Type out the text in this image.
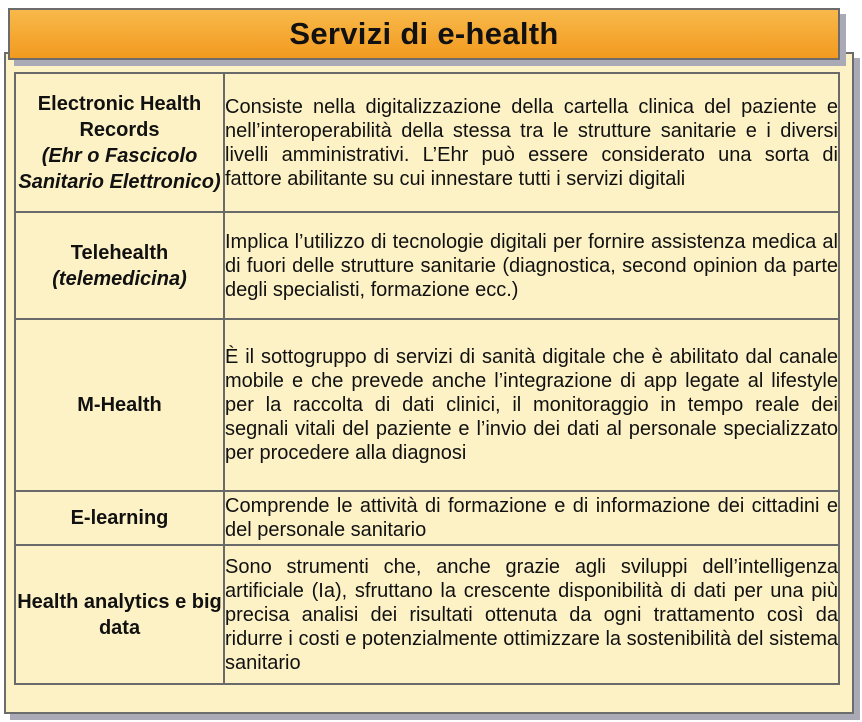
Servizi di e-health
Electronic Health Records
(Ehr o Fascicolo Sanitario Elettronico)	Consiste nella digitalizzazione della cartella clinica del paziente e nell’interoperabilità della stessa tra le strutture sanitarie e i diversi livelli amministrativi. L’Ehr può essere considerato una sorta di fattore abilitante su cui innestare tutti i servizi digitali

Telehealth
(telemedicina)	Implica l’utilizzo di tecnologie digitali per fornire assistenza medica al di fuori delle strutture sanitarie (diagnostica, second opinion da parte degli specialisti, formazione ecc.)

M-Health	È il sottogruppo di servizi di sanità digitale che è abilitato dal canale mobile e che prevede anche l’integrazione di app legate al lifestyle per la raccolta di dati clinici, il monitoraggio in tempo reale dei segnali vitali del paziente e l’invio dei dati al personale specializzato per procedere alla diagnosi

E-learning	Comprende le attività di formazione e di informazione dei cittadini e del personale sanitario

Health analytics e big data	Sono strumenti che, anche grazie agli sviluppi dell’intelligenza artificiale (Ia), sfruttano la crescente disponibilità di dati per una più precisa analisi dei risultati ottenuta da ogni trattamento così da ridurre i costi e potenzialmente ottimizzare la sostenibilità del sistema sanitario
